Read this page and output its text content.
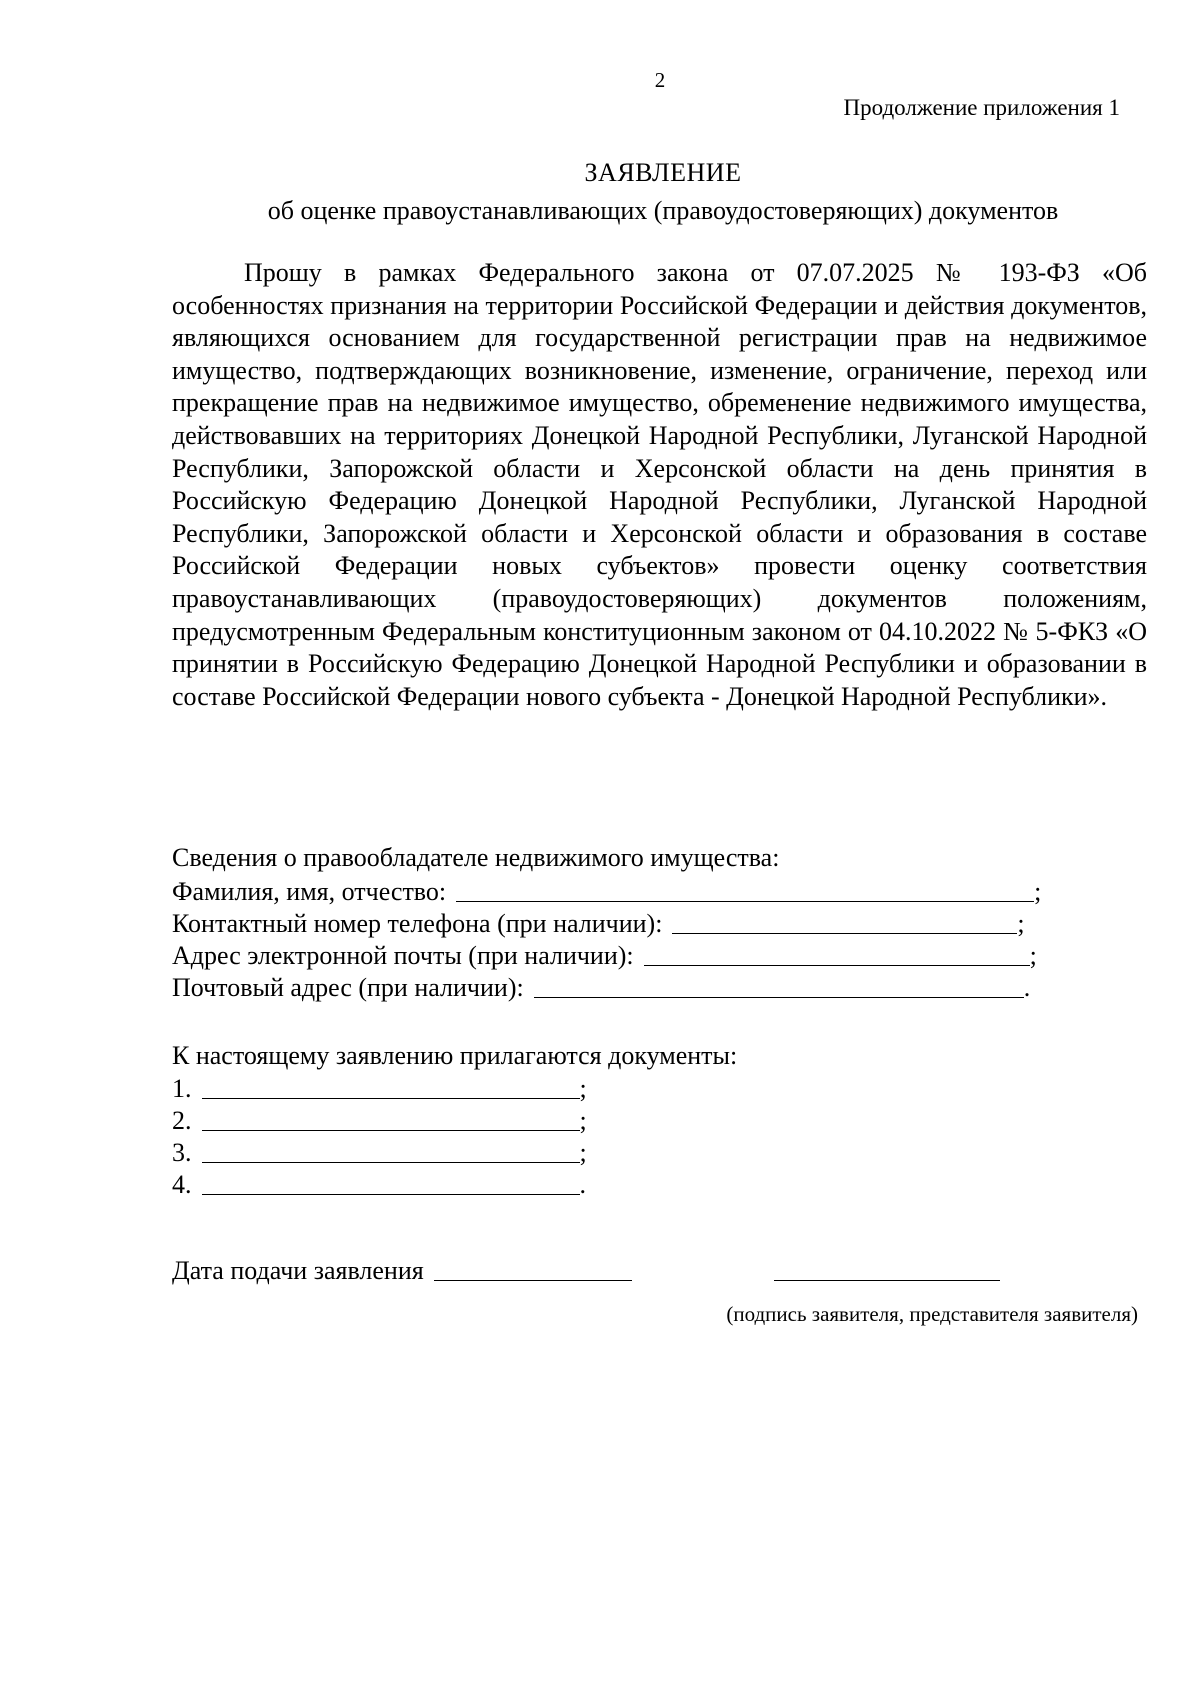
2
Продолжение приложения 1
ЗАЯВЛЕНИЕ
об оценке правоустанавливающих (правоудостоверяющих) документов

Прошу в рамках Федерального закона от 07.07.2025 № 193-ФЗ «Об особенностях признания на территории Российской Федерации и действия документов, являющихся основанием для государственной регистрации прав на недвижимое имущество, подтверждающих возникновение, изменение, ограничение, переход или прекращение прав на недвижимое имущество, обременение недвижимого имущества, действовавших на территориях Донецкой Народной Республики, Луганской Народной Республики, Запорожской области и Херсонской области на день принятия в Российскую Федерацию Донецкой Народной Республики, Луганской Народной Республики, Запорожской области и Херсонской области и образования в составе Российской Федерации новых субъектов» провести оценку соответствия правоустанавливающих (правоудостоверяющих) документов положениям, предусмотренным Федеральным конституционным законом от 04.10.2022 № 5-ФКЗ «О принятии в Российскую Федерацию Донецкой Народной Республики и образовании в составе Российской Федерации нового субъекта - Донецкой Народной Республики».

Сведения о правообладателе недвижимого имущества:
Фамилия, имя, отчество:	;
Контактный номер телефона (при наличии):	;
Адрес электронной почты (при наличии):	;
Почтовый адрес (при наличии):	.
К настоящему заявлению прилагаются документы:
1.	;
2.	;
3.	;
4.	.
Дата подачи заявления
(подпись заявителя, представителя заявителя)
